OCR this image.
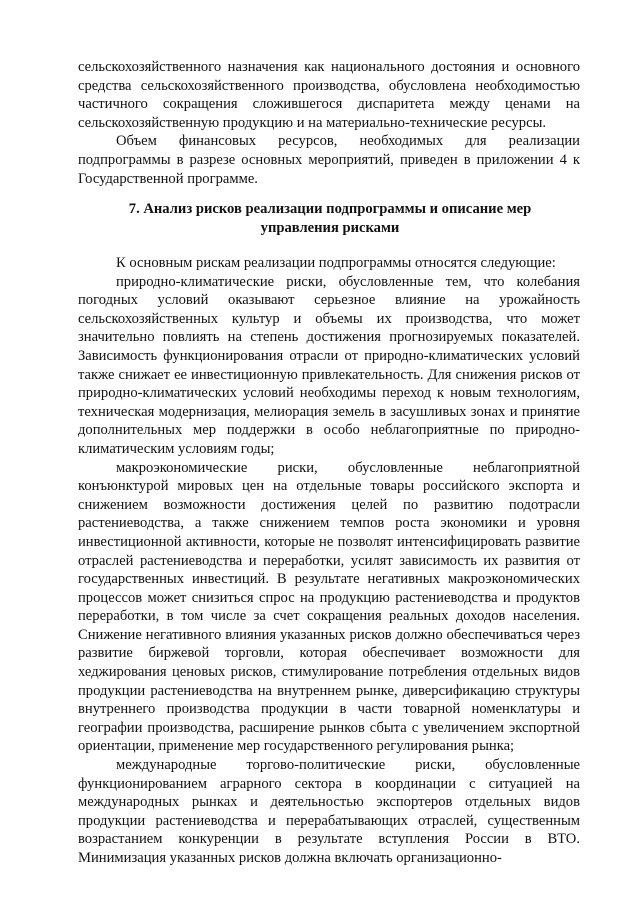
сельскохозяйственного назначения как национального достояния и основного средства сельскохозяйственного производства, обусловлена необходимостью частичного сокращения сложившегося диспаритета между ценами на сельскохозяйственную продукцию и на материально-технические ресурсы.

Объем финансовых ресурсов, необходимых для реализации подпрограммы в разрезе основных мероприятий, приведен в приложении 4 к Государственной программе.

7. Анализ рисков реализации подпрограммы и описание мер управления рисками

К основным рискам реализации подпрограммы относятся следующие:

природно-климатические риски, обусловленные тем, что колебания погодных условий оказывают серьезное влияние на урожайность сельскохозяйственных культур и объемы их производства, что может значительно повлиять на степень достижения прогнозируемых показателей. Зависимость функционирования отрасли от природно-климатических условий также снижает ее инвестиционную привлекательность. Для снижения рисков от природно-климатических условий необходимы переход к новым технологиям, техническая модернизация, мелиорация земель в засушливых зонах и принятие дополнительных мер поддержки в особо неблагоприятные по природно-климатическим условиям годы;

макроэкономические риски, обусловленные неблагоприятной конъюнктурой мировых цен на отдельные товары российского экспорта и снижением возможности достижения целей по развитию подотрасли растениеводства, а также снижением темпов роста экономики и уровня инвестиционной активности, которые не позволят интенсифицировать развитие отраслей растениеводства и переработки, усилят зависимость их развития от государственных инвестиций. В результате негативных макроэкономических процессов может снизиться спрос на продукцию растениеводства и продуктов переработки, в том числе за счет сокращения реальных доходов населения. Снижение негативного влияния указанных рисков должно обеспечиваться через развитие биржевой торговли, которая обеспечивает возможности для хеджирования ценовых рисков, стимулирование потребления отдельных видов продукции растениеводства на внутреннем рынке, диверсификацию структуры внутреннего производства продукции в части товарной номенклатуры и географии производства, расширение рынков сбыта с увеличением экспортной ориентации, применение мер государственного регулирования рынка;

международные торгово-политические риски, обусловленные функционированием аграрного сектора в координации с ситуацией на международных рынках и деятельностью экспортеров отдельных видов продукции растениеводства и перерабатывающих отраслей, существенным возрастанием конкуренции в результате вступления России в ВТО. Минимизация указанных рисков должна включать организационно-
